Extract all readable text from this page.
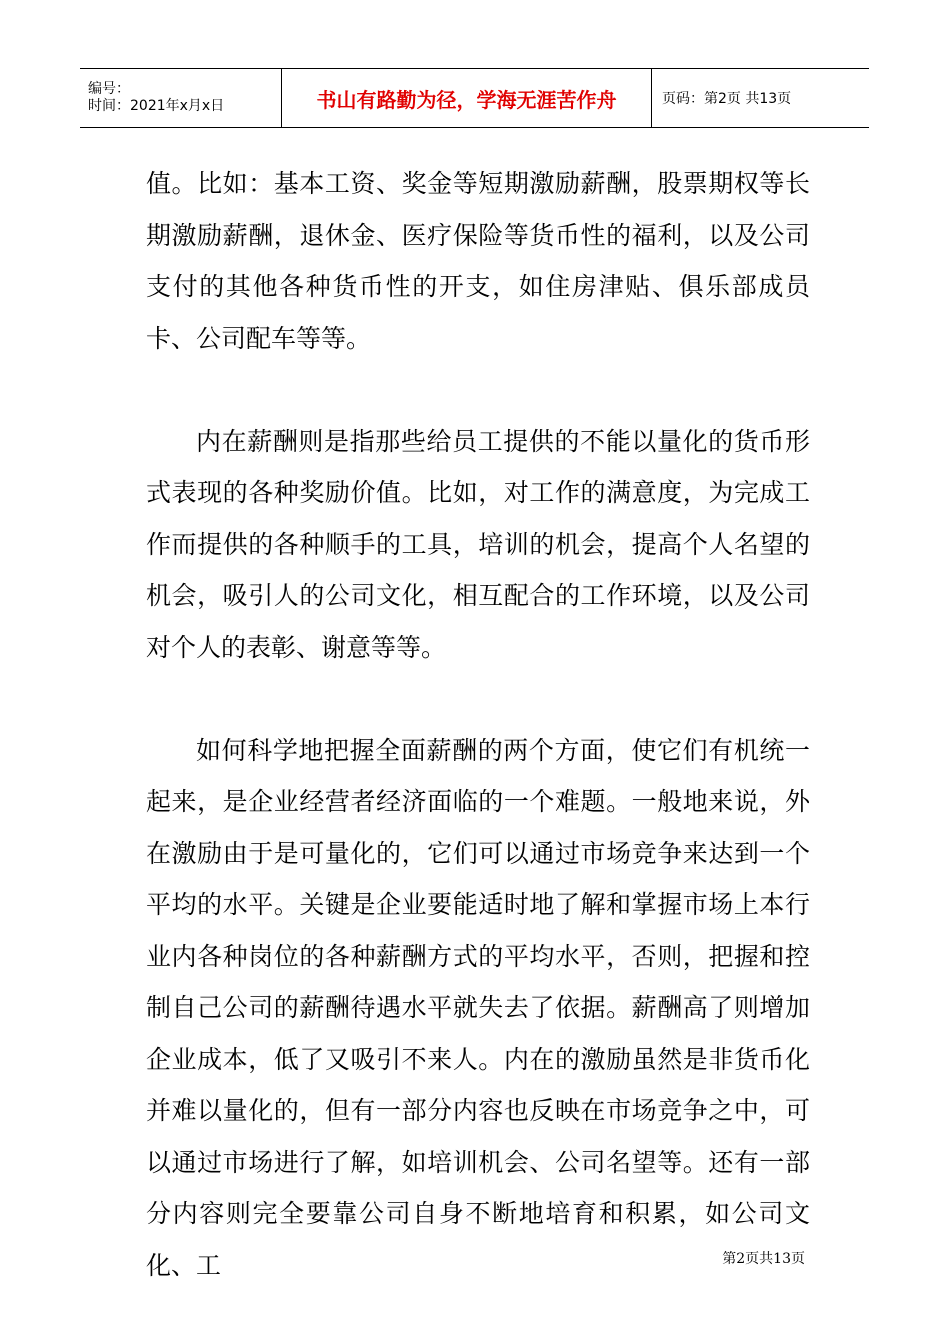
编号：
时间：2021年x月x日	书山有路勤为径，学海无涯苦作舟	页码：第2页 共13页

值。比如：基本工资、奖金等短期激励薪酬，股票期权等长期激励薪酬，退休金、医疗保险等货币性的福利，以及公司支付的其他各种货币性的开支，如住房津贴、俱乐部成员卡、公司配车等等。

内在薪酬则是指那些给员工提供的不能以量化的货币形式表现的各种奖励价值。比如，对工作的满意度，为完成工作而提供的各种顺手的工具，培训的机会，提高个人名望的机会，吸引人的公司文化，相互配合的工作环境，以及公司对个人的表彰、谢意等等。

如何科学地把握全面薪酬的两个方面，使它们有机统一起来，是企业经营者经济面临的一个难题。一般地来说，外在激励由于是可量化的，它们可以通过市场竞争来达到一个平均的水平。关键是企业要能适时地了解和掌握市场上本行业内各种岗位的各种薪酬方式的平均水平，否则，把握和控制自己公司的薪酬待遇水平就失去了依据。薪酬高了则增加企业成本，低了又吸引不来人。内在的激励虽然是非货币化并难以量化的，但有一部分内容也反映在市场竞争之中，可以通过市场进行了解，如培训机会、公司名望等。还有一部分内容则完全要靠公司自身不断地培育和积累，如公司文化、工	第2页共13页
